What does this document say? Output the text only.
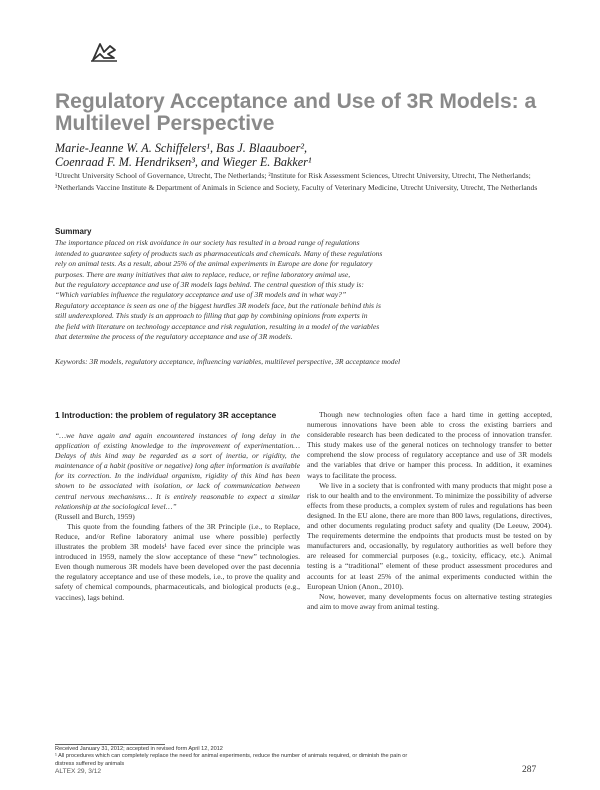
Regulatory Acceptance and Use of 3R Models: a Multilevel Perspective
Marie-Jeanne W. A. Schiffelers¹, Bas J. Blaauboer²,
Coenraad F. M. Hendriksen³, and Wieger E. Bakker¹
¹Utrecht University School of Governance, Utrecht, The Netherlands; ²Institute for Risk Assessment Sciences, Utrecht University, Utrecht, The Netherlands; ³Netherlands Vaccine Institute & Department of Animals in Science and Society, Faculty of Veterinary Medicine, Utrecht University, Utrecht, The Netherlands
Summary
The importance placed on risk avoidance in our society has resulted in a broad range of regulations
intended to guarantee safety of products such as pharmaceuticals and chemicals. Many of these regulations
rely on animal tests. As a result, about 25% of the animal experiments in Europe are done for regulatory
purposes. There are many initiatives that aim to replace, reduce, or refine laboratory animal use,
but the regulatory acceptance and use of 3R models lags behind. The central question of this study is:
“Which variables influence the regulatory acceptance and use of 3R models and in what way?”
Regulatory acceptance is seen as one of the biggest hurdles 3R models face, but the rationale behind this is
still underexplored. This study is an approach to filling that gap by combining opinions from experts in
the field with literature on technology acceptance and risk regulation, resulting in a model of the variables
that determine the process of the regulatory acceptance and use of 3R models.
Keywords: 3R models, regulatory acceptance, influencing variables, multilevel perspective, 3R acceptance model
1 Introduction: the problem of regulatory 3R acceptance

“…we have again and again encountered instances of long delay in the application of existing knowledge to the improvement of experimentation… Delays of this kind may be regarded as a sort of inertia, or rigidity, the maintenance of a habit (positive or negative) long after information is available for its correction. In the individual organism, rigidity of this kind has been shown to be associated with isolation, or lack of communication between central nervous mechanisms… It is entirely reasonable to expect a similar relationship at the sociological level…”

(Russell and Burch, 1959)

This quote from the founding fathers of the 3R Principle (i.e., to Replace, Reduce, and/or Refine laboratory animal use where possible) perfectly illustrates the problem 3R models¹ have faced ever since the principle was introduced in 1959, namely the slow acceptance of these “new” technologies. Even though numerous 3R models have been developed over the past decennia the regulatory acceptance and use of these models, i.e., to prove the quality and safety of chemical compounds, pharmaceuticals, and biological products (e.g., vaccines), lags behind.

Though new technologies often face a hard time in getting accepted, numerous innovations have been able to cross the existing barriers and considerable research has been dedicated to the process of innovation transfer. This study makes use of the general notices on technology transfer to better comprehend the slow process of regulatory acceptance and use of 3R models and the variables that drive or hamper this process. In addition, it examines ways to facilitate the process.

We live in a society that is confronted with many products that might pose a risk to our health and to the environment. To minimize the possibility of adverse effects from these products, a complex system of rules and regulations has been designed. In the EU alone, there are more than 800 laws, regulations, directives, and other documents regulating product safety and quality (De Leeuw, 2004). The requirements determine the endpoints that products must be tested on by manufacturers and, occasionally, by regulatory authorities as well before they are released for commercial purposes (e.g., toxicity, efficacy, etc.). Animal testing is a “traditional” element of these product assessment procedures and accounts for at least 25% of the animal experiments conducted within the European Union (Anon., 2010).

Now, however, many developments focus on alternative testing strategies and aim to move away from animal testing.

Received January 31, 2012; accepted in revised form April 12, 2012
¹ All procedures which can completely replace the need for animal experiments, reduce the number of animals required, or diminish the pain or distress suffered by animals
ALTEX 29, 3/12	287
